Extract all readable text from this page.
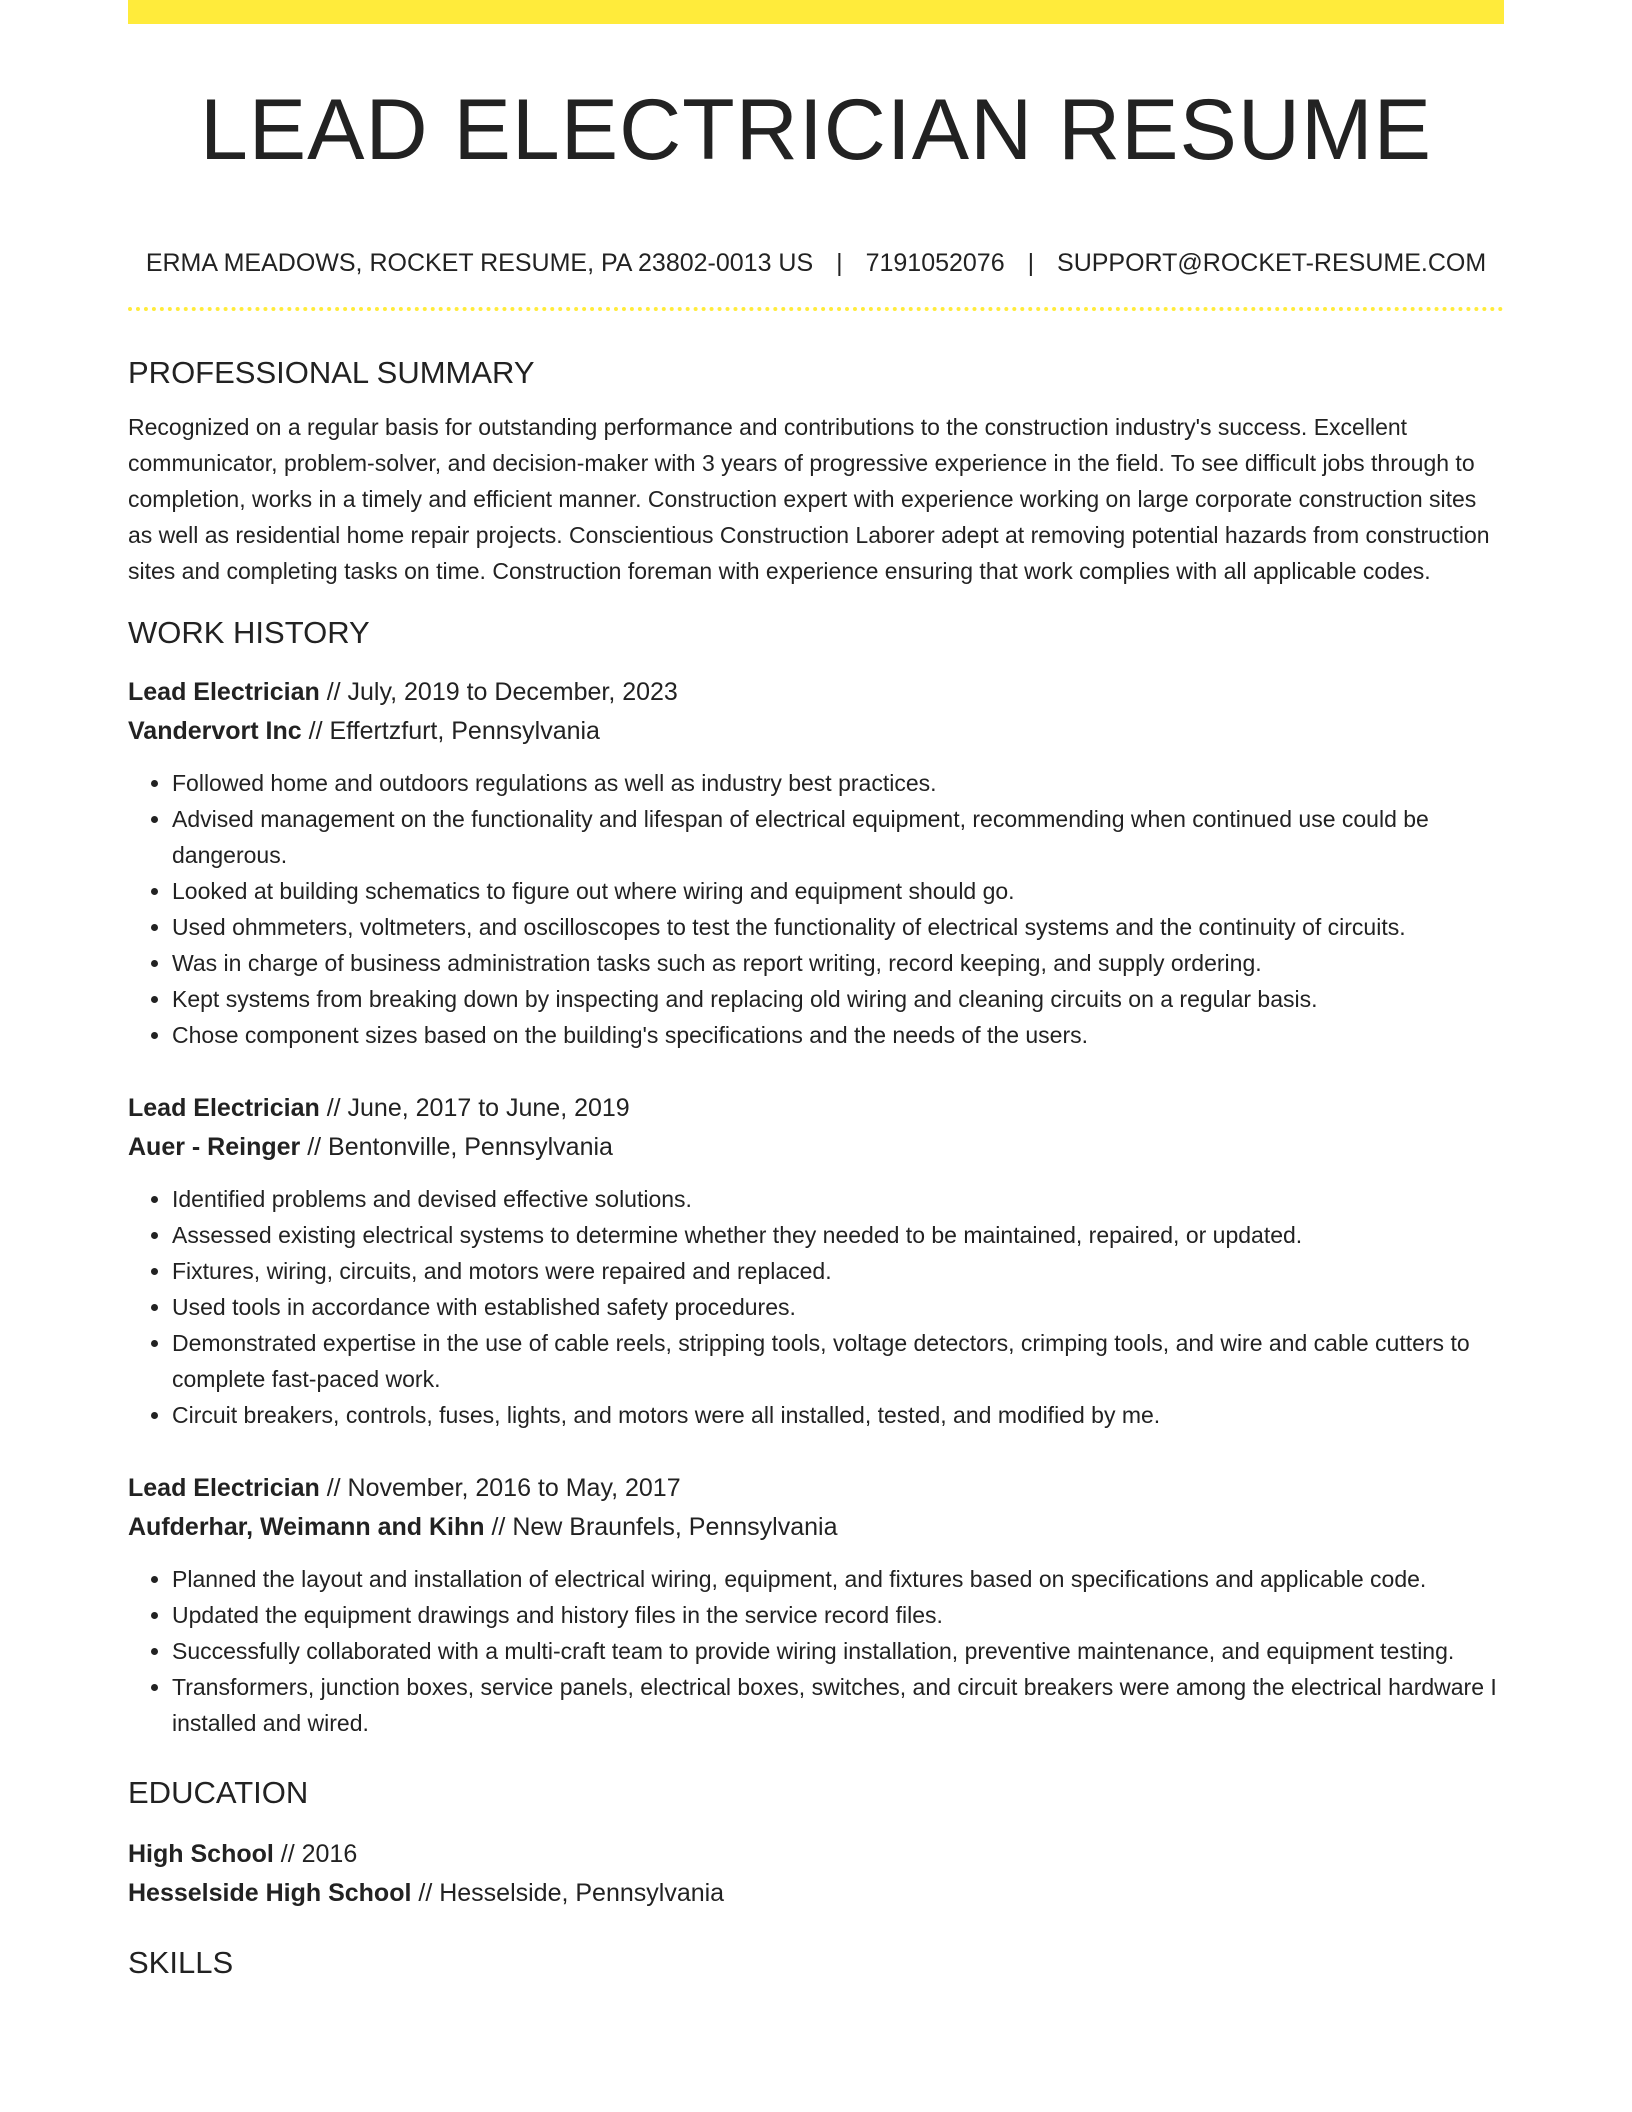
LEAD ELECTRICIAN RESUME
ERMA MEADOWS, ROCKET RESUME, PA 23802-0013 US | 7191052076 | SUPPORT@ROCKET-RESUME.COM
PROFESSIONAL SUMMARY
Recognized on a regular basis for outstanding performance and contributions to the construction industry's success. Excellent communicator, problem-solver, and decision-maker with 3 years of progressive experience in the field. To see difficult jobs through to completion, works in a timely and efficient manner. Construction expert with experience working on large corporate construction sites as well as residential home repair projects. Conscientious Construction Laborer adept at removing potential hazards from construction sites and completing tasks on time. Construction foreman with experience ensuring that work complies with all applicable codes.
WORK HISTORY
Lead Electrician // July, 2019 to December, 2023
Vandervort Inc // Effertzfurt, Pennsylvania
• Followed home and outdoors regulations as well as industry best practices.
• Advised management on the functionality and lifespan of electrical equipment, recommending when continued use could be dangerous.
• Looked at building schematics to figure out where wiring and equipment should go.
• Used ohmmeters, voltmeters, and oscilloscopes to test the functionality of electrical systems and the continuity of circuits.
• Was in charge of business administration tasks such as report writing, record keeping, and supply ordering.
• Kept systems from breaking down by inspecting and replacing old wiring and cleaning circuits on a regular basis.
• Chose component sizes based on the building's specifications and the needs of the users.
Lead Electrician // June, 2017 to June, 2019
Auer - Reinger // Bentonville, Pennsylvania
• Identified problems and devised effective solutions.
• Assessed existing electrical systems to determine whether they needed to be maintained, repaired, or updated.
• Fixtures, wiring, circuits, and motors were repaired and replaced.
• Used tools in accordance with established safety procedures.
• Demonstrated expertise in the use of cable reels, stripping tools, voltage detectors, crimping tools, and wire and cable cutters to complete fast-paced work.
• Circuit breakers, controls, fuses, lights, and motors were all installed, tested, and modified by me.
Lead Electrician // November, 2016 to May, 2017
Aufderhar, Weimann and Kihn // New Braunfels, Pennsylvania
• Planned the layout and installation of electrical wiring, equipment, and fixtures based on specifications and applicable code.
• Updated the equipment drawings and history files in the service record files.
• Successfully collaborated with a multi-craft team to provide wiring installation, preventive maintenance, and equipment testing.
• Transformers, junction boxes, service panels, electrical boxes, switches, and circuit breakers were among the electrical hardware I installed and wired.
EDUCATION
High School // 2016
Hesselside High School // Hesselside, Pennsylvania
SKILLS
